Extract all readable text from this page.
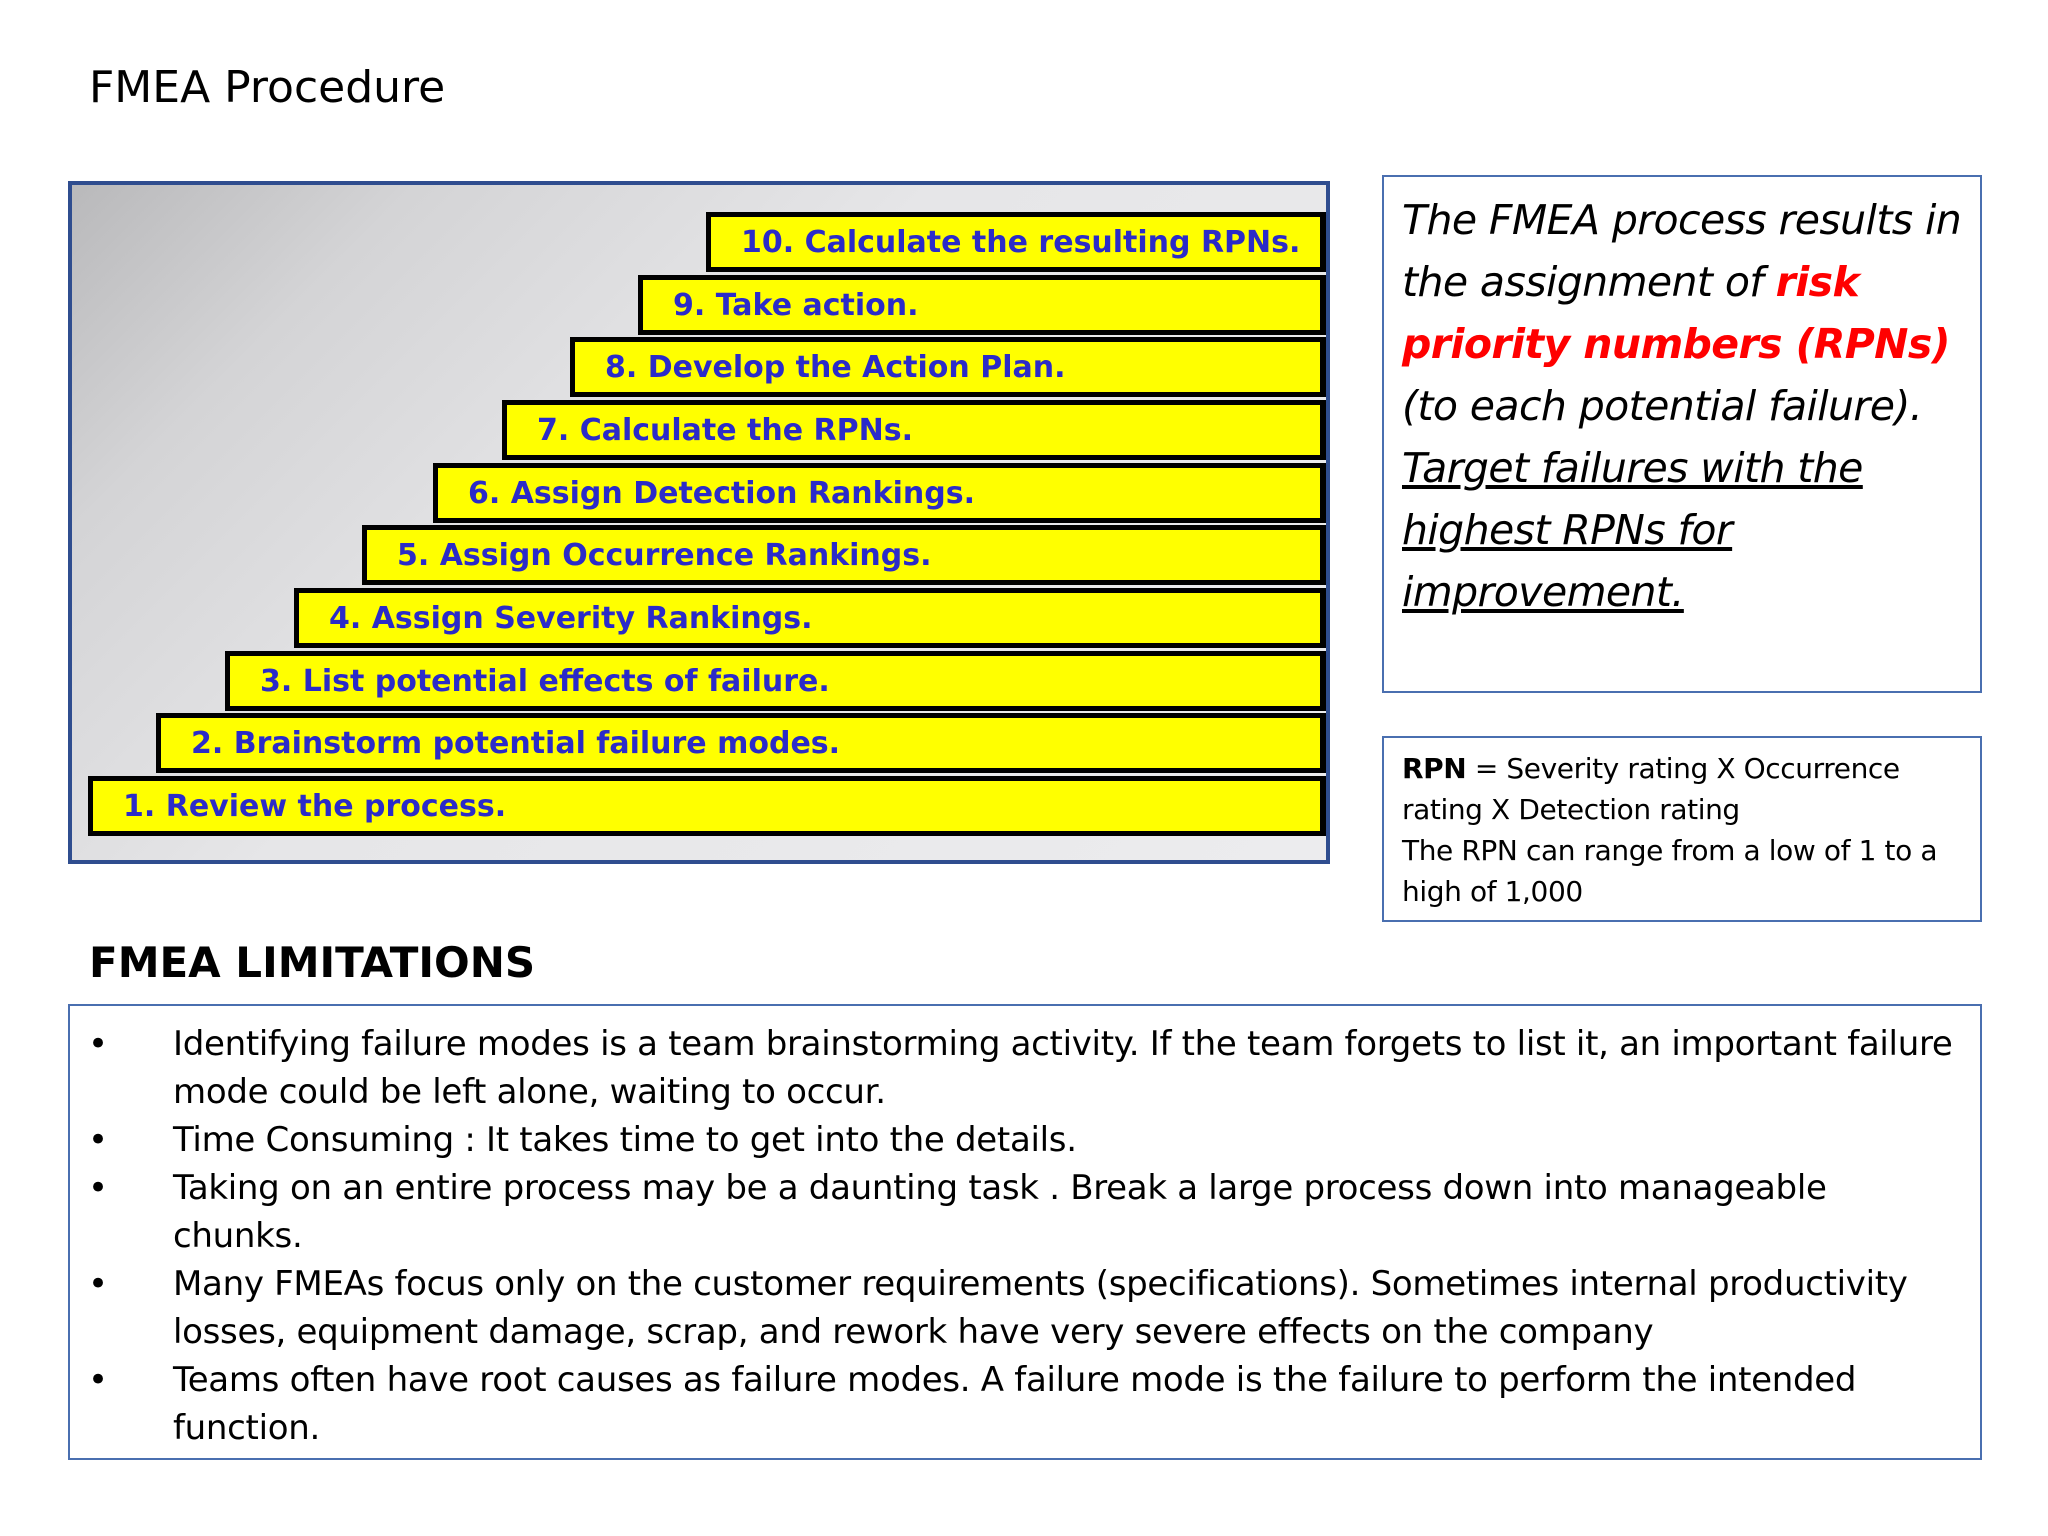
FMEA Procedure
10. Calculate the resulting RPNs.
9. Take action.
8. Develop the Action Plan.
7. Calculate the RPNs.
6. Assign Detection Rankings.
5. Assign Occurrence Rankings.
4. Assign Severity Rankings.
3. List potential effects of failure.
2. Brainstorm potential failure modes.
1. Review the process.
The FMEA process results in the assignment of risk priority numbers (RPNs) (to each potential failure). Target failures with the highest RPNs for improvement.
RPN = Severity rating X Occurrence rating X Detection rating
The RPN can range from a low of 1 to a high of 1,000
FMEA LIMITATIONS
• Identifying failure modes is a team brainstorming activity. If the team forgets to list it, an important failure mode could be left alone, waiting to occur.
• Time Consuming : It takes time to get into the details.
• Taking on an entire process may be a daunting task . Break a large process down into manageable chunks.
• Many FMEAs focus only on the customer requirements (specifications). Sometimes internal productivity losses, equipment damage, scrap, and rework have very severe effects on the company
• Teams often have root causes as failure modes. A failure mode is the failure to perform the intended function.
